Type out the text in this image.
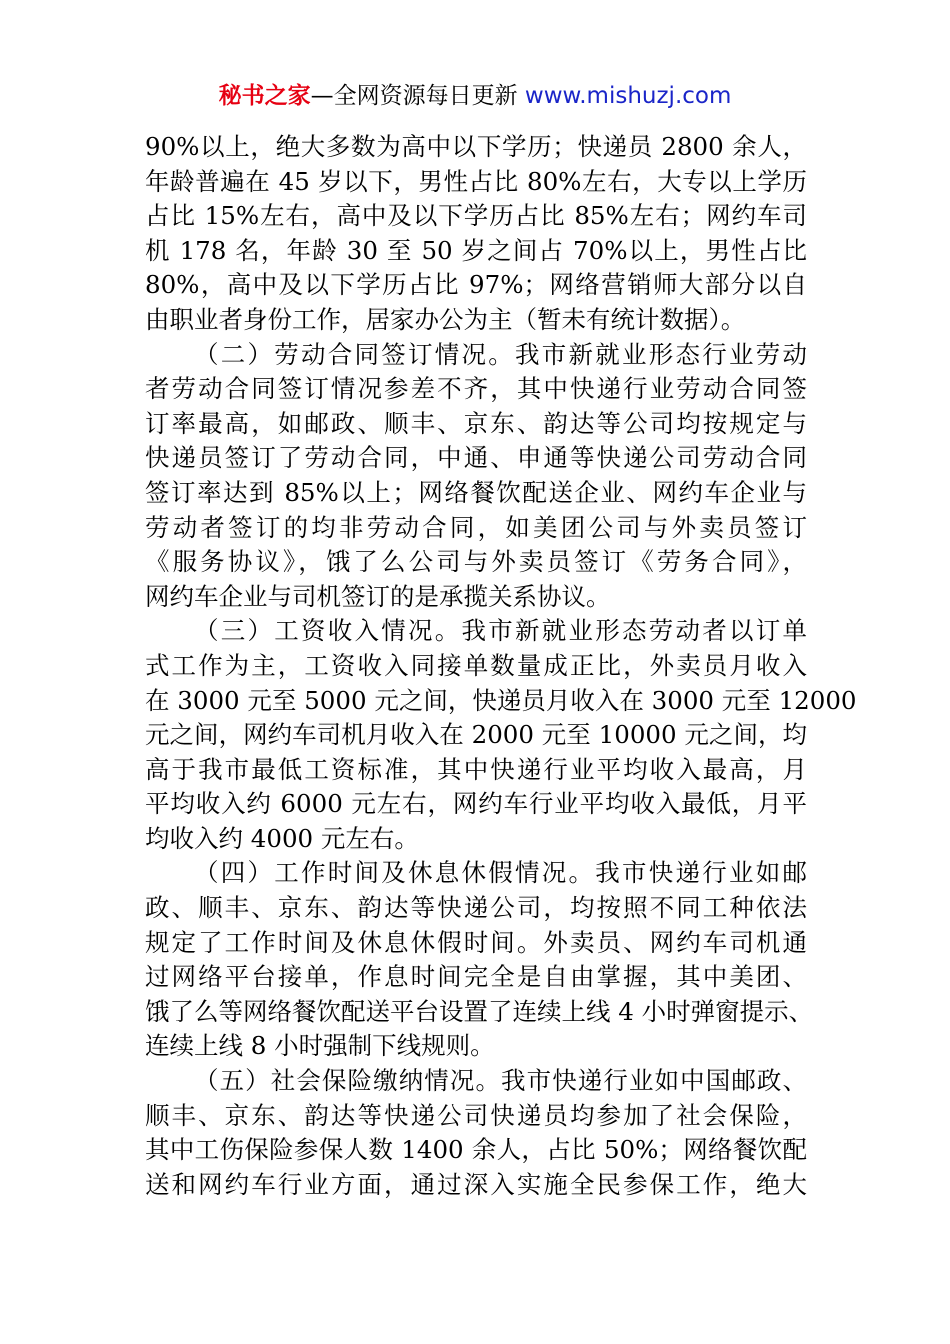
秘书之家—全网资源每日更新 www.mishuzj.com
90%以上，绝大多数为高中以下学历；快递员 2800 余人，
年龄普遍在 45 岁以下，男性占比 80%左右，大专以上学历
占比 15%左右，高中及以下学历占比 85%左右；网约车司
机 178 名，年龄 30 至 50 岁之间占 70%以上，男性占比
80%，高中及以下学历占比 97%；网络营销师大部分以自
由职业者身份工作，居家办公为主（暂未有统计数据）。
（二）劳动合同签订情况。我市新就业形态行业劳动
者劳动合同签订情况参差不齐，其中快递行业劳动合同签
订率最高，如邮政、顺丰、京东、韵达等公司均按规定与
快递员签订了劳动合同，中通、申通等快递公司劳动合同
签订率达到 85%以上；网络餐饮配送企业、网约车企业与
劳动者签订的均非劳动合同，如美团公司与外卖员签订
《服务协议》，饿了么公司与外卖员签订《劳务合同》，
网约车企业与司机签订的是承揽关系协议。
（三）工资收入情况。我市新就业形态劳动者以订单
式工作为主，工资收入同接单数量成正比，外卖员月收入
在 3000 元至 5000 元之间，快递员月收入在 3000 元至 12000
元之间，网约车司机月收入在 2000 元至 10000 元之间，均
高于我市最低工资标准，其中快递行业平均收入最高，月
平均收入约 6000 元左右，网约车行业平均收入最低，月平
均收入约 4000 元左右。
（四）工作时间及休息休假情况。我市快递行业如邮
政、顺丰、京东、韵达等快递公司，均按照不同工种依法
规定了工作时间及休息休假时间。外卖员、网约车司机通
过网络平台接单，作息时间完全是自由掌握，其中美团、
饿了么等网络餐饮配送平台设置了连续上线 4 小时弹窗提示、
连续上线 8 小时强制下线规则。
（五）社会保险缴纳情况。我市快递行业如中国邮政、
顺丰、京东、韵达等快递公司快递员均参加了社会保险，
其中工伤保险参保人数 1400 余人，占比 50%；网络餐饮配
送和网约车行业方面，通过深入实施全民参保工作，绝大
